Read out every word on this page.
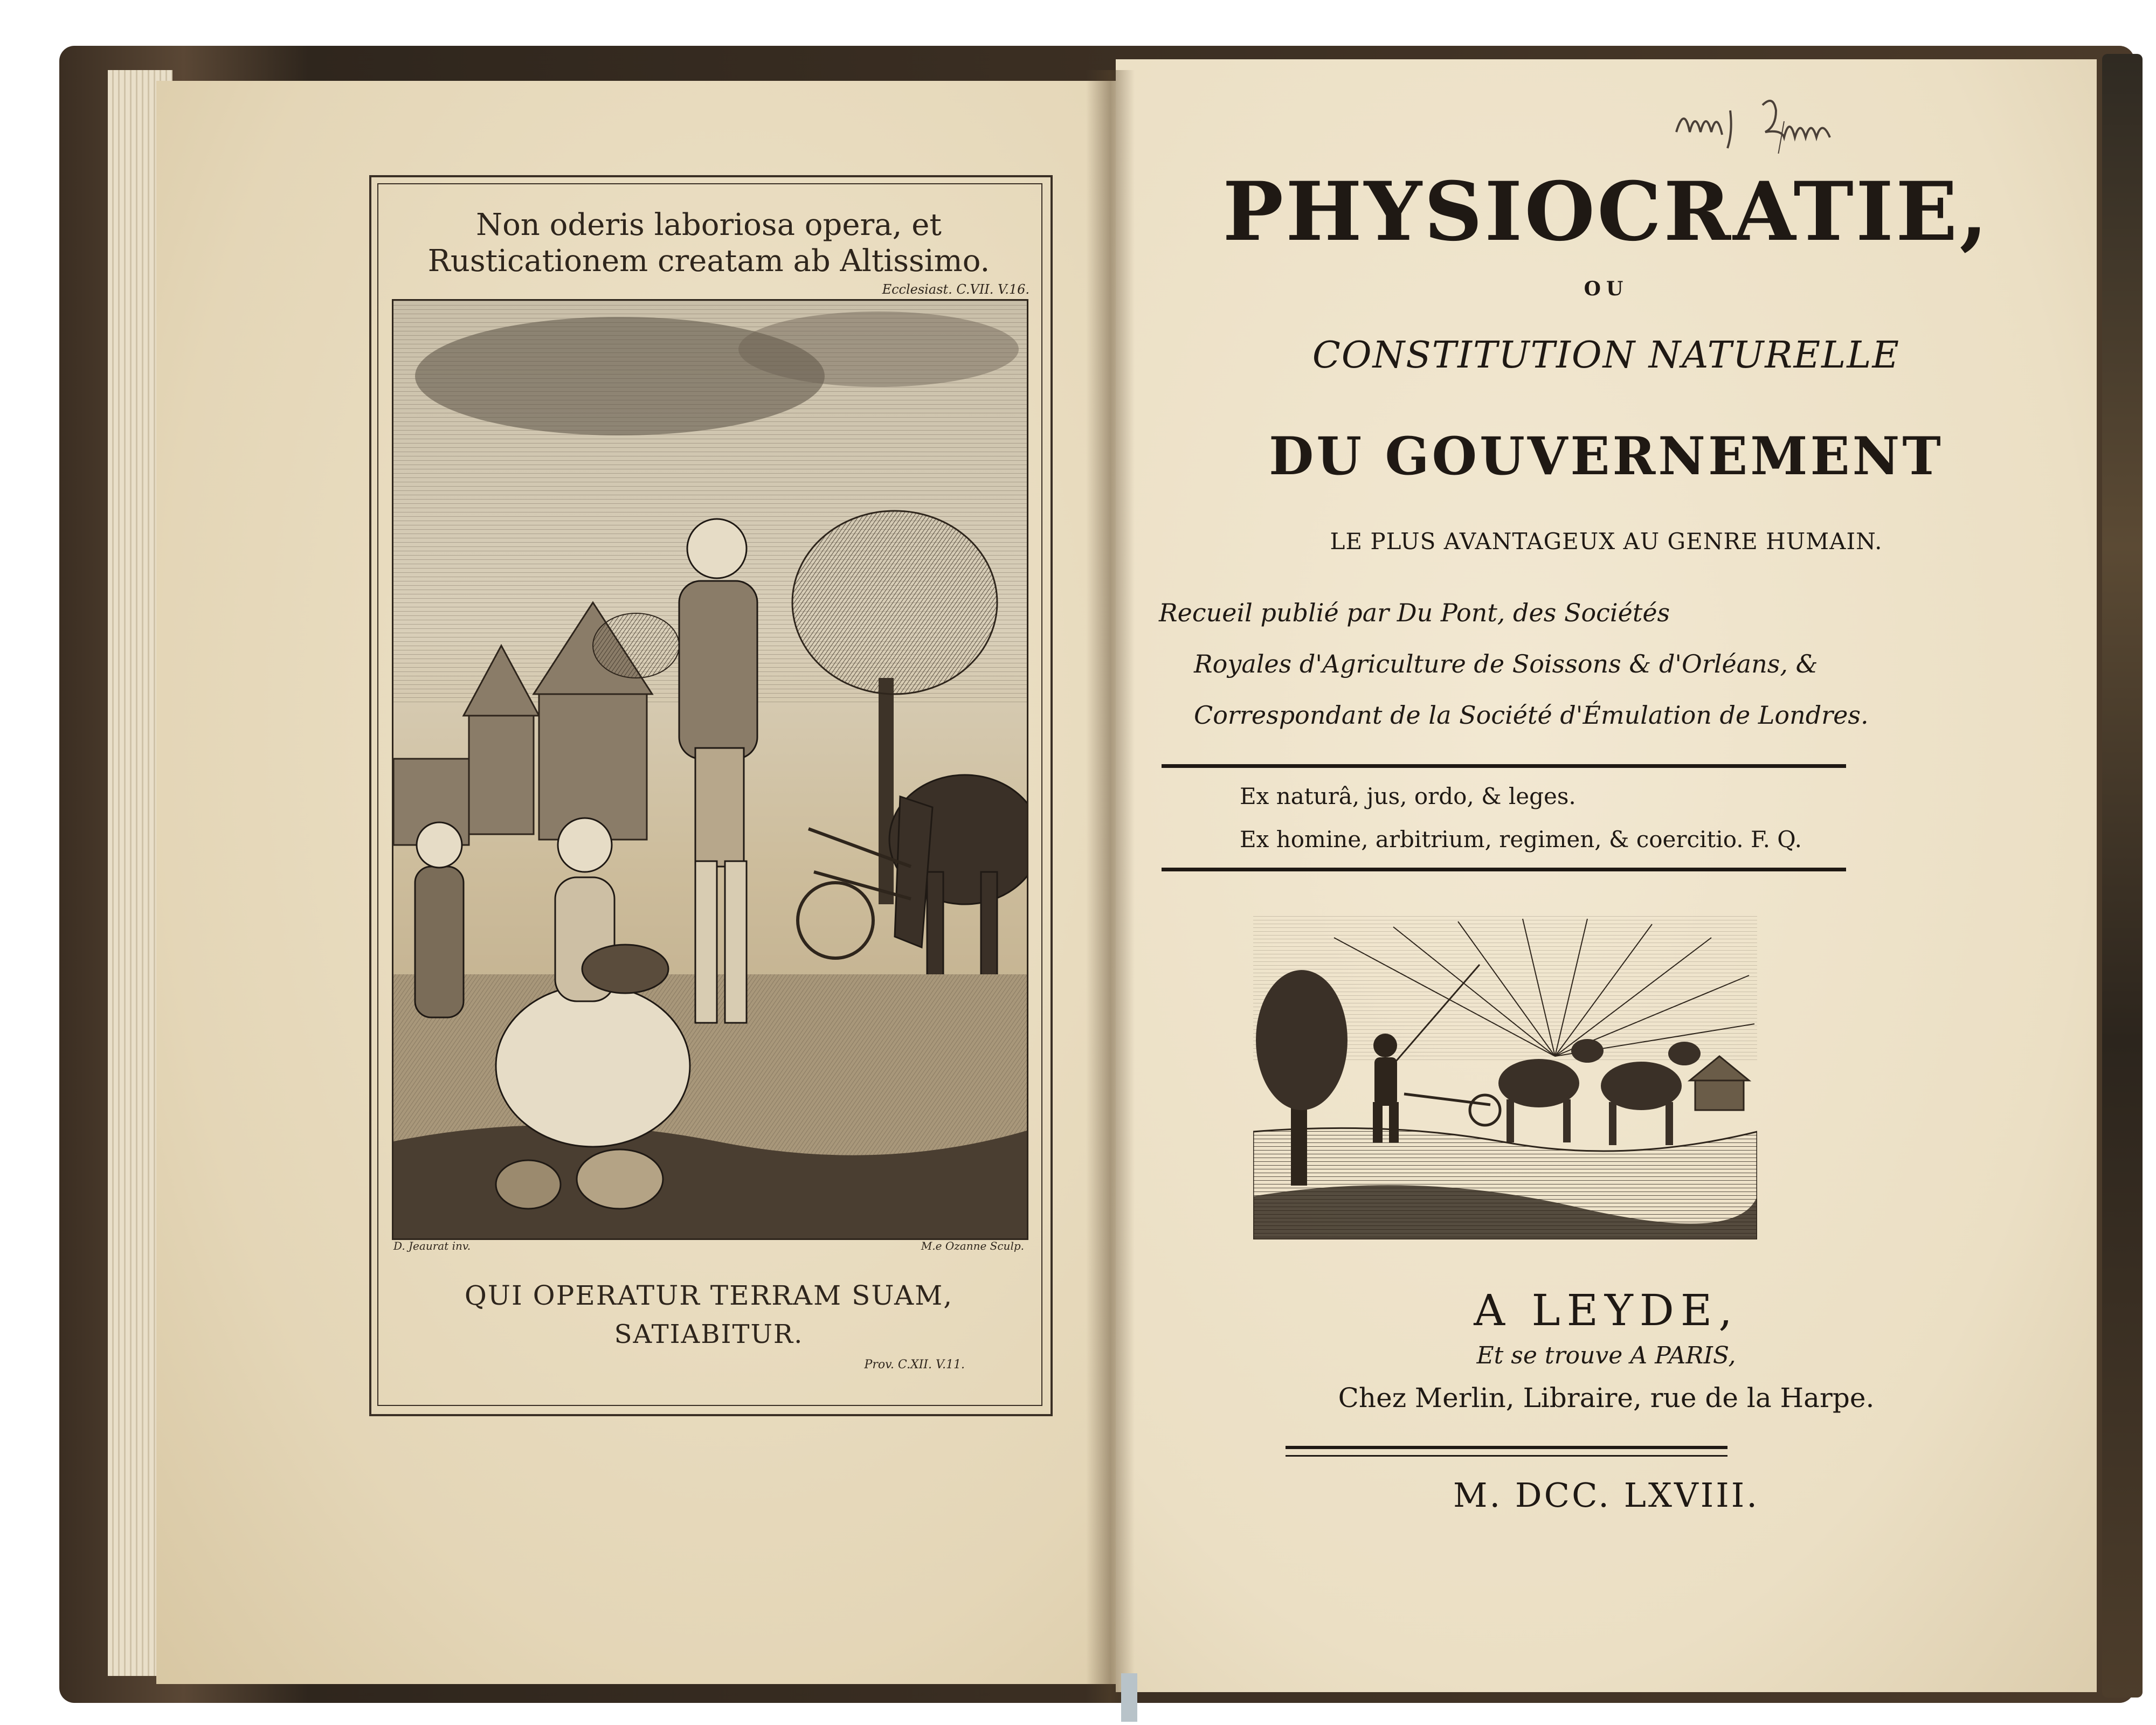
Non oderis laboriosa opera, et
Rusticationem creatam ab Altissimo.
Ecclesiast. C.VII. V.16.
D. Jeaurat inv.	M.e Ozanne Sculp.
QUI OPERATUR TERRAM SUAM,
SATIABITUR.
Prov. C.XII. V.11.
PHYSIOCRATIE,
OU
CONSTITUTION NATURELLE
DU GOUVERNEMENT
LE PLUS AVANTAGEUX AU GENRE HUMAIN.
Recueil publié par Du Pont, des Sociétés
Royales d'Agriculture de Soissons & d'Orléans, &
Correspondant de la Société d'Émulation de Londres.
Ex naturâ, jus, ordo, & leges.
Ex homine, arbitrium, regimen, & coercitio. F. Q.
A LEYDE,
Et se trouve A PARIS,
Chez Merlin, Libraire, rue de la Harpe.
M. DCC. LXVIII.
